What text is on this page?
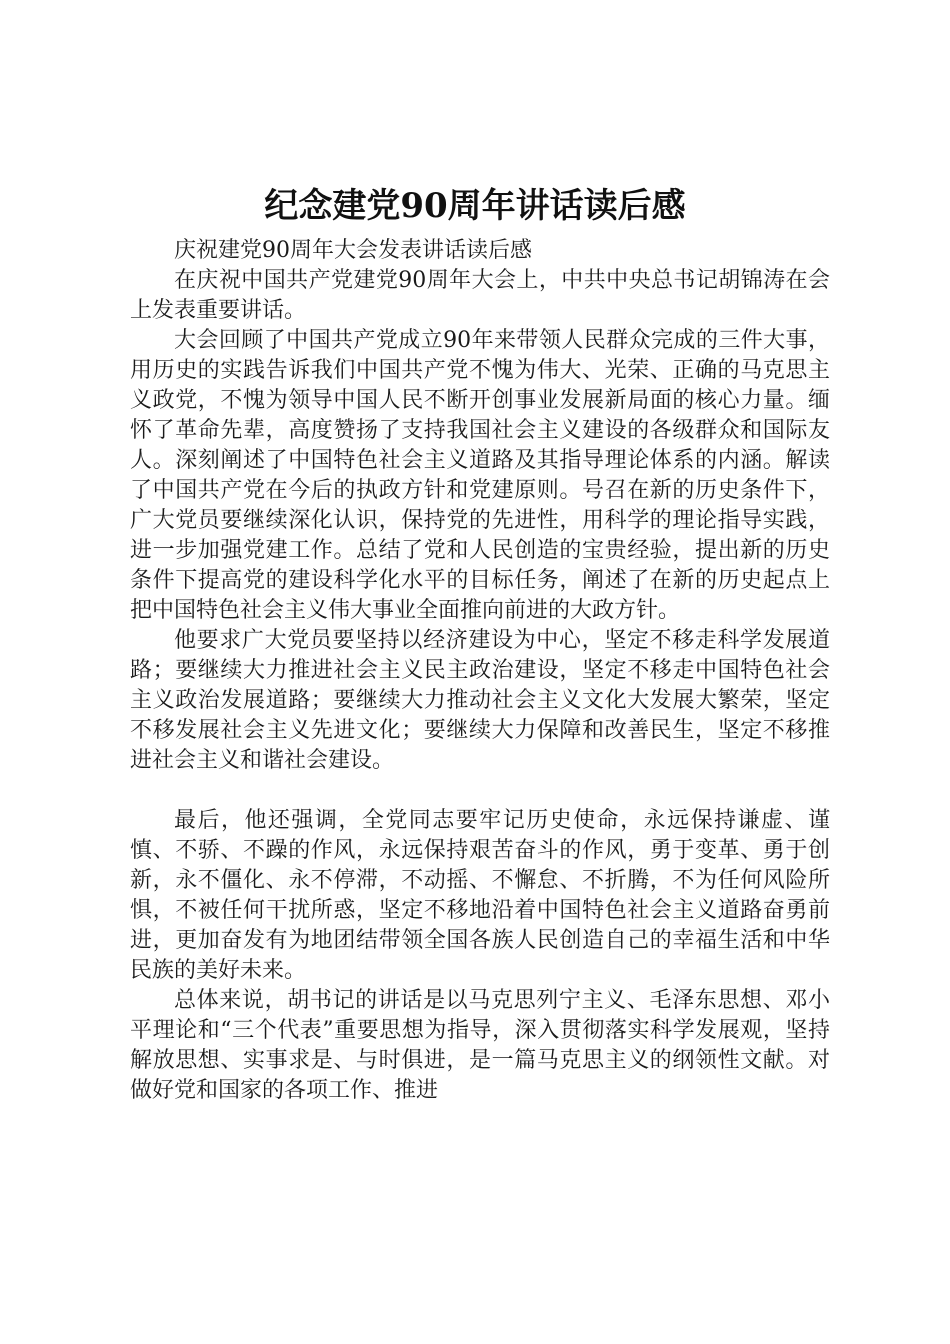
纪念建党90周年讲话读后感

庆祝建党90周年大会发表讲话读后感

在庆祝中国共产党建党90周年大会上，中共中央总书记胡锦涛在会上发表重要讲话。

大会回顾了中国共产党成立90年来带领人民群众完成的三件大事，用历史的实践告诉我们中国共产党不愧为伟大、光荣、正确的马克思主义政党，不愧为领导中国人民不断开创事业发展新局面的核心力量。缅怀了革命先辈，高度赞扬了支持我国社会主义建设的各级群众和国际友人。深刻阐述了中国特色社会主义道路及其指导理论体系的内涵。解读了中国共产党在今后的执政方针和党建原则。号召在新的历史条件下，广大党员要继续深化认识，保持党的先进性，用科学的理论指导实践，进一步加强党建工作。总结了党和人民创造的宝贵经验，提出新的历史条件下提高党的建设科学化水平的目标任务，阐述了在新的历史起点上把中国特色社会主义伟大事业全面推向前进的大政方针。

他要求广大党员要坚持以经济建设为中心，坚定不移走科学发展道路；要继续大力推进社会主义民主政治建设，坚定不移走中国特色社会主义政治发展道路；要继续大力推动社会主义文化大发展大繁荣，坚定不移发展社会主义先进文化；要继续大力保障和改善民生，坚定不移推进社会主义和谐社会建设。

最后，他还强调，全党同志要牢记历史使命，永远保持谦虚、谨慎、不骄、不躁的作风，永远保持艰苦奋斗的作风，勇于变革、勇于创新，永不僵化、永不停滞，不动摇、不懈怠、不折腾，不为任何风险所惧，不被任何干扰所惑，坚定不移地沿着中国特色社会主义道路奋勇前进，更加奋发有为地团结带领全国各族人民创造自己的幸福生活和中华民族的美好未来。

总体来说，胡书记的讲话是以马克思列宁主义、毛泽东思想、邓小平理论和“三个代表”重要思想为指导，深入贯彻落实科学发展观，坚持解放思想、实事求是、与时俱进，是一篇马克思主义的纲领性文献。对做好党和国家的各项工作、推进
